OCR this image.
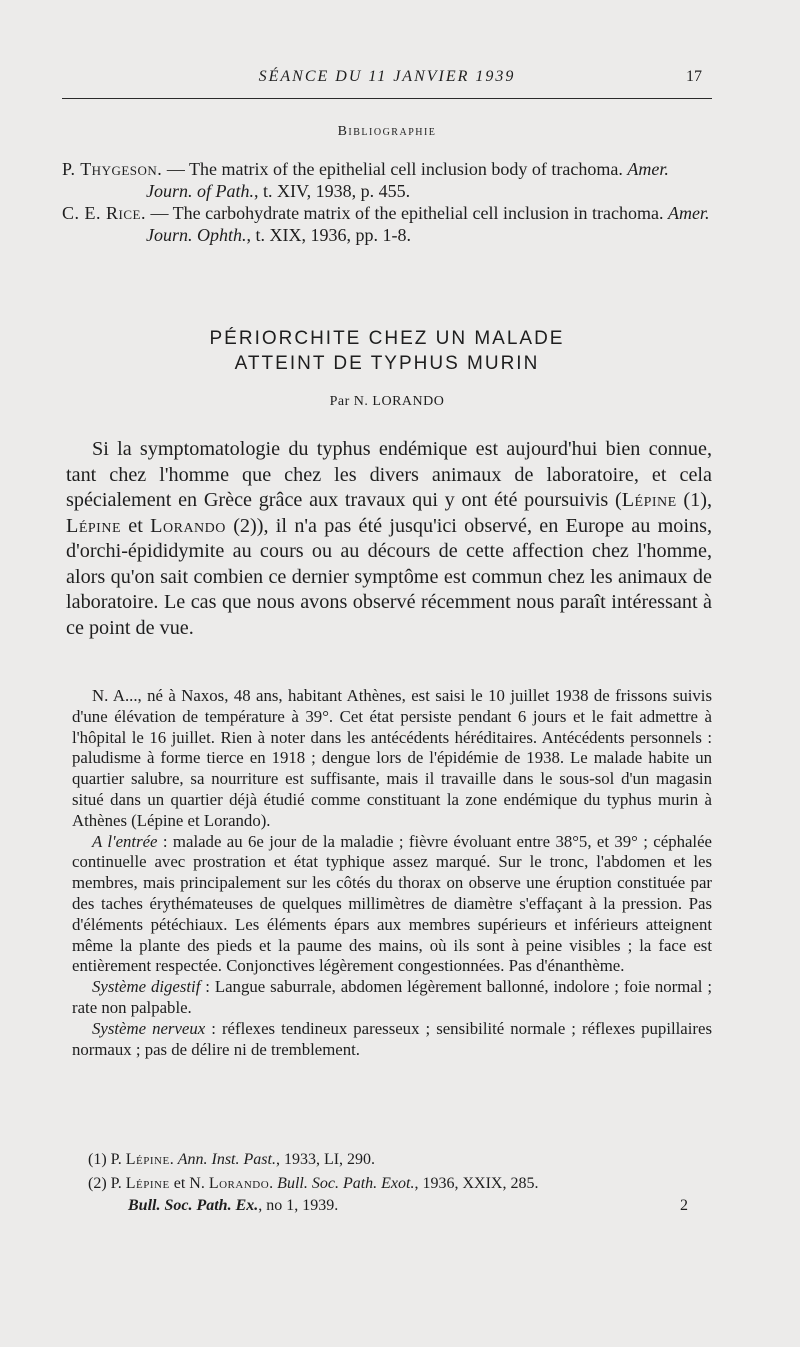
SÉANCE DU 11 JANVIER 1939	17
Bibliographie

P. Thygeson. — The matrix of the epithelial cell inclusion body of trachoma. Amer. Journ. of Path., t. XIV, 1938, p. 455.

C. E. Rice. — The carbohydrate matrix of the epithelial cell inclusion in trachoma. Amer. Journ. Ophth., t. XIX, 1936, pp. 1-8.

PÉRIORCHITE CHEZ UN MALADE
ATTEINT DE TYPHUS MURIN
Par N. LORANDO

Si la symptomatologie du typhus endémique est aujourd'hui bien connue, tant chez l'homme que chez les divers animaux de laboratoire, et cela spécialement en Grèce grâce aux travaux qui y ont été poursuivis (Lépine (1), Lépine et Lorando (2)), il n'a pas été jusqu'ici observé, en Europe au moins, d'orchi-épididymite au cours ou au décours de cette affection chez l'homme, alors qu'on sait combien ce dernier symptôme est commun chez les animaux de laboratoire. Le cas que nous avons observé récemment nous paraît intéressant à ce point de vue.

N. A..., né à Naxos, 48 ans, habitant Athènes, est saisi le 10 juillet 1938 de frissons suivis d'une élévation de température à 39°. Cet état persiste pendant 6 jours et le fait admettre à l'hôpital le 16 juillet. Rien à noter dans les antécédents héréditaires. Antécédents personnels : paludisme à forme tierce en 1918 ; dengue lors de l'épidémie de 1938. Le malade habite un quartier salubre, sa nourriture est suffisante, mais il travaille dans le sous-sol d'un magasin situé dans un quartier déjà étudié comme constituant la zone endémique du typhus murin à Athènes (Lépine et Lorando).

A l'entrée : malade au 6e jour de la maladie ; fièvre évoluant entre 38°5, et 39° ; céphalée continuelle avec prostration et état typhique assez marqué. Sur le tronc, l'abdomen et les membres, mais principalement sur les côtés du thorax on observe une éruption constituée par des taches érythémateuses de quelques millimètres de diamètre s'effaçant à la pression. Pas d'éléments pétéchiaux. Les éléments épars aux membres supérieurs et inférieurs atteignent même la plante des pieds et la paume des mains, où ils sont à peine visibles ; la face est entièrement respectée. Conjonctives légèrement congestionnées. Pas d'énanthème.

Système digestif : Langue saburrale, abdomen légèrement ballonné, indolore ; foie normal ; rate non palpable.

Système nerveux : réflexes tendineux paresseux ; sensibilité normale ; réflexes pupillaires normaux ; pas de délire ni de tremblement.

(1) P. Lépine. Ann. Inst. Past., 1933, LI, 290.

(2) P. Lépine et N. Lorando. Bull. Soc. Path. Exot., 1936, XXIX, 285.

Bull. Soc. Path. Ex., no 1, 1939.	2
